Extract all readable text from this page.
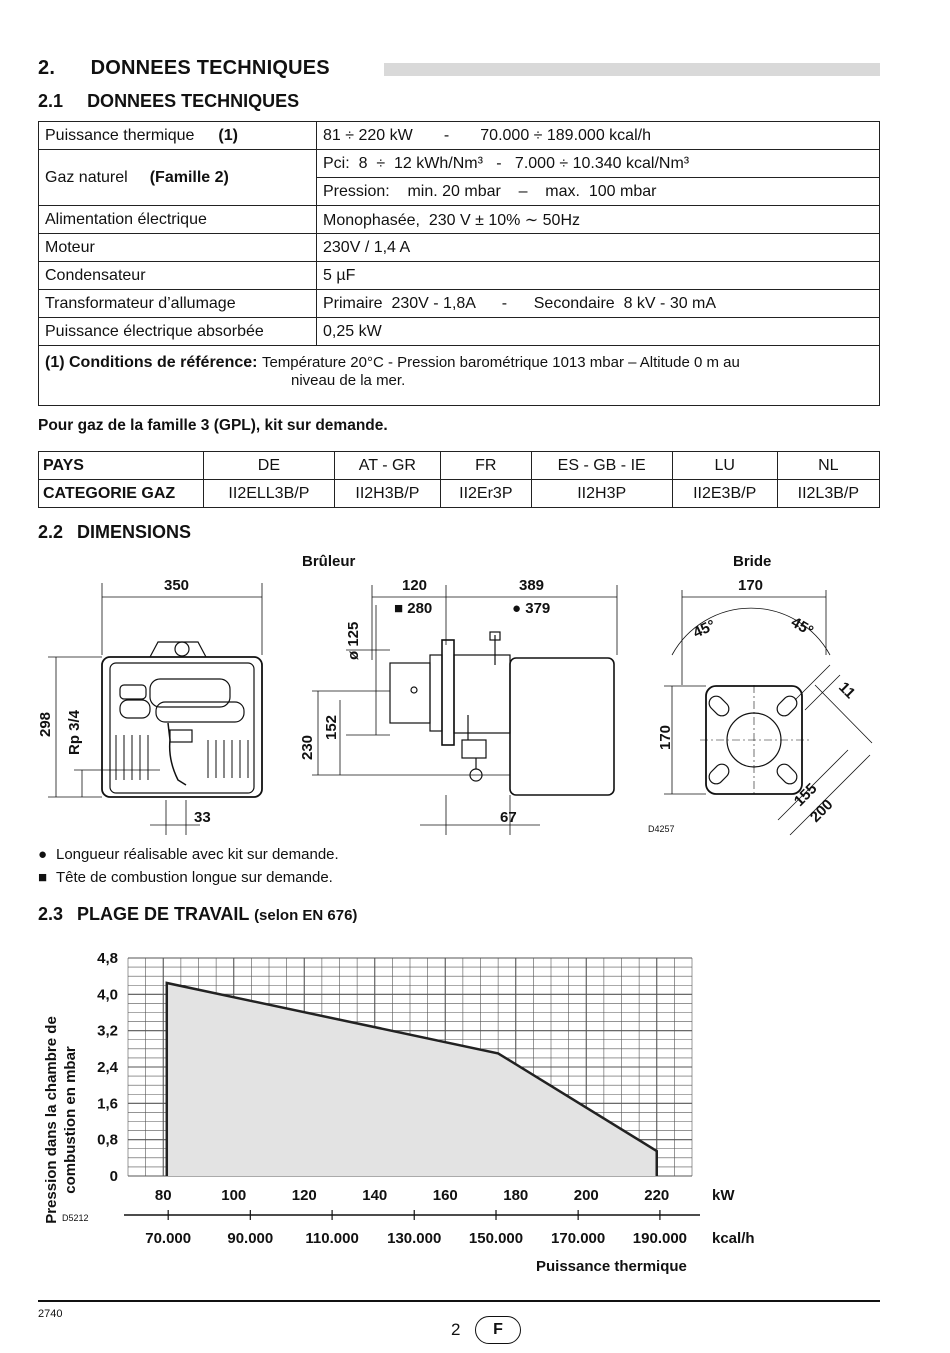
2. DONNEES TECHNIQUES
2.1 DONNEES TECHNIQUES
Puissance thermique (1)	81 ÷ 220 kW       -       70.000 ÷ 189.000 kcal/h
Gaz naturel (Famille 2)	Pci:  8  ÷  12 kWh/Nm³   -   7.000 ÷ 10.340 kcal/Nm³
	Pression:    min. 20 mbar    –    max.  100 mbar
Alimentation électrique	Monophasée,  230 V ± 10% ∼ 50Hz
Moteur	230V / 1,4 A
Condensateur	5 µF
Transformateur d’allumage	Primaire  230V - 1,8A      -      Secondaire  8 kV - 30 mA
Puissance électrique absorbée	0,25 kW
(1) Conditions de référence: Température 20°C - Pression barométrique 1013 mbar – Altitude 0 m au
niveau de la mer.	
Pour gaz de la famille 3 (GPL), kit sur demande.
PAYS	DE	AT - GR	FR	ES - GB - IE	LU	NL
CATEGORIE GAZ	II2ELL3B/P	II2H3B/P	II2Er3P	II2H3P	II2E3B/P	II2L3B/P
2.2 DIMENSIONS
Brûleur	Bride
350
298 Rp 3/4
33
120	389
■ 280	● 379
ø 125
230
152
67
170
170
45°	45°
11
155
200
D4257
● Longueur réalisable avec kit sur demande.
■ Tête de combustion longue sur demande.
2.3 PLAGE DE TRAVAIL (selon EN 676)
0
0,8
1,6
2,4
3,2
4,0
4,8
80	100	120	140	160	180	200	220
70.000 90.000 110.000 130.000 150.000 170.000 190.000
Pression dans la chambre de combustion en mbar
kW
kcal/h
Puissance thermique
D5212
2740
2	F
